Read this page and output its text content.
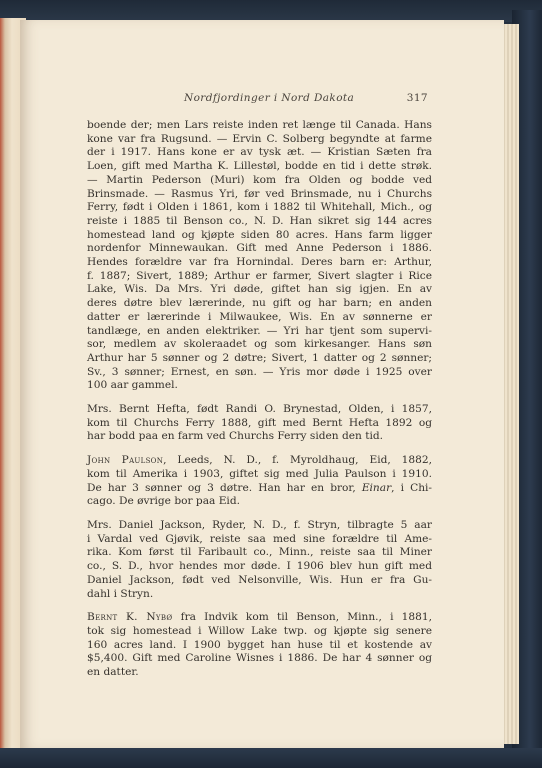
Nordfjordinger i Nord Dakota	317
boende der; men Lars reiste inden ret længe til Canada. Hans
kone var fra Rugsund. — Ervin C. Solberg begyndte at farme
der i 1917. Hans kone er av tysk æt. — Kristian Sæten fra
Loen, gift med Martha K. Lillestøl, bodde en tid i dette strøk.
— Martin Pederson (Muri) kom fra Olden og bodde ved
Brinsmade. — Rasmus Yri, før ved Brinsmade, nu i Churchs
Ferry, født i Olden i 1861, kom i 1882 til Whitehall, Mich., og
reiste i 1885 til Benson co., N. D. Han sikret sig 144 acres
homestead land og kjøpte siden 80 acres. Hans farm ligger
nordenfor Minnewaukan. Gift med Anne Pederson i 1886.
Hendes forældre var fra Hornindal. Deres barn er: Arthur,
f. 1887; Sivert, 1889; Arthur er farmer, Sivert slagter i Rice
Lake, Wis. Da Mrs. Yri døde, giftet han sig igjen. En av
deres døtre blev lærerinde, nu gift og har barn; en anden
datter er lærerinde i Milwaukee, Wis. En av sønnerne er
tandlæge, en anden elektriker. — Yri har tjent som supervi-
sor, medlem av skoleraadet og som kirkesanger. Hans søn
Arthur har 5 sønner og 2 døtre; Sivert, 1 datter og 2 sønner;
Sv., 3 sønner; Ernest, en søn. — Yris mor døde i 1925 over
100 aar gammel.
Mrs. Bernt Hefta, født Randi O. Brynestad, Olden, i 1857,
kom til Churchs Ferry 1888, gift med Bernt Hefta 1892 og
har bodd paa en farm ved Churchs Ferry siden den tid.
John Paulson, Leeds, N. D., f. Myroldhaug, Eid, 1882,
kom til Amerika i 1903, giftet sig med Julia Paulson i 1910.
De har 3 sønner og 3 døtre. Han har en bror, Einar, i Chi-
cago. De øvrige bor paa Eid.
Mrs. Daniel Jackson, Ryder, N. D., f. Stryn, tilbragte 5 aar
i Vardal ved Gjøvik, reiste saa med sine forældre til Ame-
rika. Kom først til Faribault co., Minn., reiste saa til Miner
co., S. D., hvor hendes mor døde. I 1906 blev hun gift med
Daniel Jackson, født ved Nelsonville, Wis. Hun er fra Gu-
dahl i Stryn.
Bernt K. Nybø fra Indvik kom til Benson, Minn., i 1881,
tok sig homestead i Willow Lake twp. og kjøpte sig senere
160 acres land. I 1900 bygget han huse til et kostende av
$5,400. Gift med Caroline Wisnes i 1886. De har 4 sønner og
en datter.
